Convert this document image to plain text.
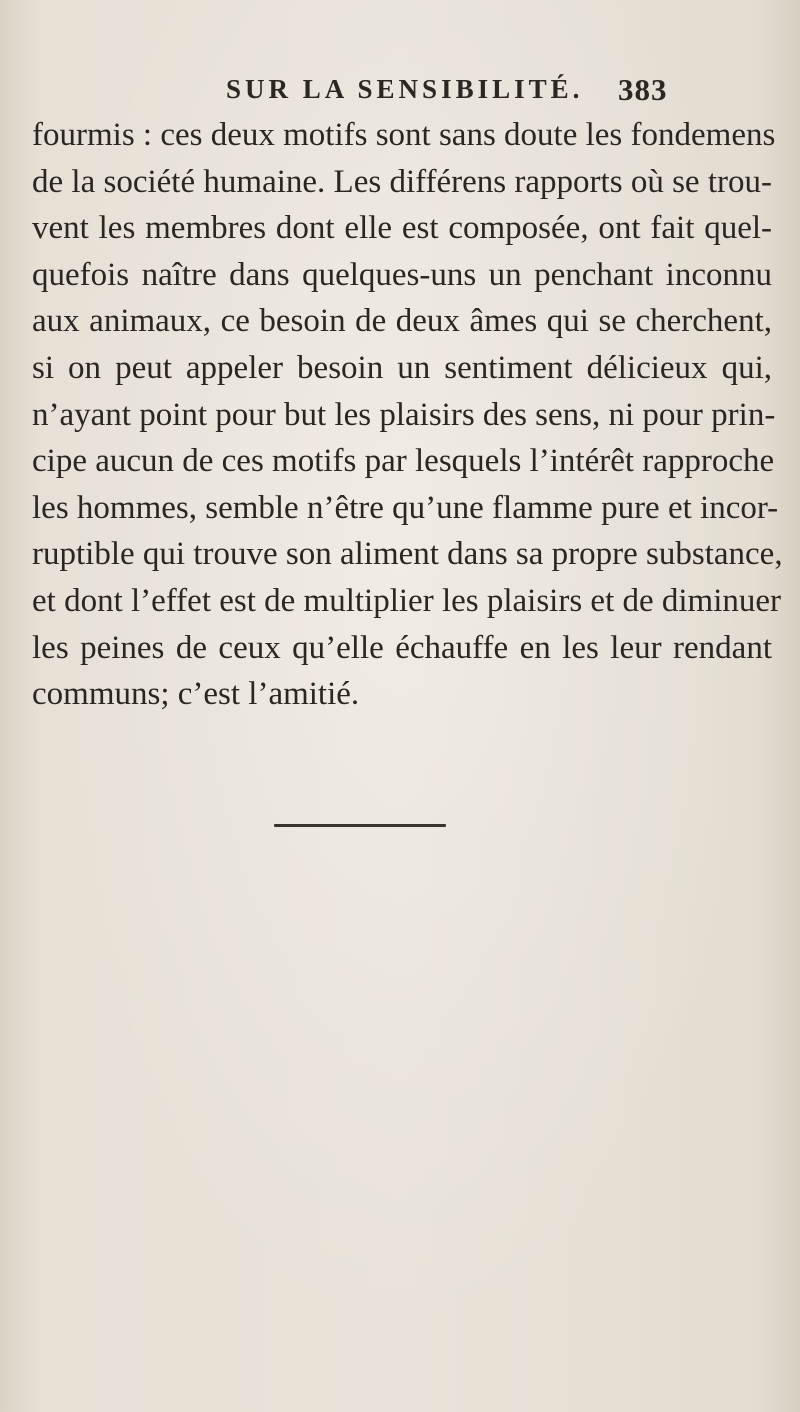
SUR LA SENSIBILITÉ. 383
fourmis : ces deux motifs sont sans doute les fondemens
de la société humaine. Les différens rapports où se trou-
vent les membres dont elle est composée, ont fait quel-
quefois naître dans quelques-uns un penchant inconnu
aux animaux, ce besoin de deux âmes qui se cherchent,
si on peut appeler besoin un sentiment délicieux qui,
n’ayant point pour but les plaisirs des sens, ni pour prin-
cipe aucun de ces motifs par lesquels l’intérêt rapproche
les hommes, semble n’être qu’une flamme pure et incor-
ruptible qui trouve son aliment dans sa propre substance,
et dont l’effet est de multiplier les plaisirs et de diminuer
les peines de ceux qu’elle échauffe en les leur rendant
communs; c’est l’amitié.
